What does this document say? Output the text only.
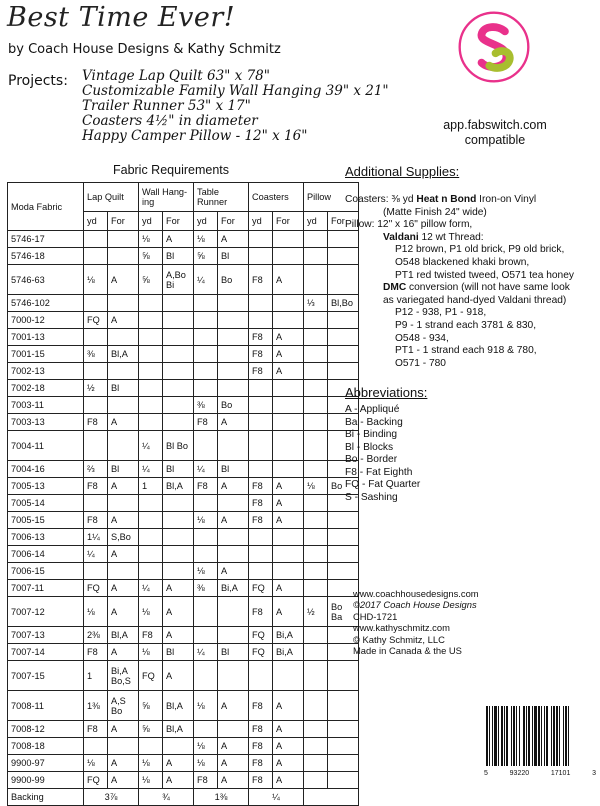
Best Time Ever!
by Coach House Designs & Kathy Schmitz
Projects: Vintage Lap Quilt 63" x 78"
Customizable Family Wall Hanging 39" x 21"
Trailer Runner 53" x 17"
Coasters 4½" in diameter
Happy Camper Pillow - 12" x 16"
app.fabswitch.com
compatible
Fabric Requirements
Moda Fabric	Lap Quilt		Wall Hang- ing		Table Runner		Coasters		Pillow	
	yd	For	yd	For	yd	For	yd	For	yd	For
5746-17			⅛	A	⅛	A				
5746-18			⅝	Bl	⅝	Bl				
5746-63	⅛	A	⅝	A,Bo Bi	¼	Bo	F8	A		
5746-102									⅓	Bl,Bo
7000-12	FQ	A								
7001-13							F8	A		
7001-15	⅜	Bl,A					F8	A		
7002-13							F8	A		
7002-18	½	Bl								
7003-11					⅜	Bo				
7003-13	F8	A			F8	A				
7004-11			¼	Bl Bo						
7004-16	⅔	Bl	¼	Bl	¼	Bl				
7005-13	F8	A	1	Bl,A	F8	A	F8	A	⅛	Bo
7005-14							F8	A		
7005-15	F8	A			⅛	A	F8	A		
7006-13	1¼	S,Bo								
7006-14	¼	A								
7006-15					⅛	A				
7007-11	FQ	A	¼	A	⅜	Bi,A	FQ	A		
7007-12	⅛	A	⅛	A			F8	A	½	Bo Ba
7007-13	2⅜	Bl,A	F8	A			FQ	Bi,A		
7007-14	F8	A	⅛	Bl	¼	Bl	FQ	Bi,A		
7007-15	1	Bi,A Bo,S	FQ	A						
7008-11	1⅜	A,S Bo	⅝	Bl,A	⅛	A	F8	A		
7008-12	F8	A	⅝	Bl,A			F8	A		
7008-18					⅛	A	F8	A		
9900-97	⅛	A	⅛	A	⅛	A	F8	A		
9900-99	FQ	A	⅛	A	F8	A	F8	A		
Backing	3⅞		¾		1⅜		¼			
Additional Supplies:
Coasters: ⅜ yd Heat n Bond Iron-on Vinyl
(Matte Finish 24" wide)
Pillow: 12" x 16" pillow form,
Valdani 12 wt Thread:
P12 brown, P1 old brick, P9 old brick,
O548 blackened khaki brown,
PT1 red twisted tweed, O571 tea honey
DMC conversion (will not have same look
as variegated hand-dyed Valdani thread)
P12 - 938, P1 - 918,
P9 - 1 strand each 3781 & 830,
O548 - 934,
PT1 - 1 strand each 918 & 780,
O571 - 780
Abbreviations:
A - Appliqué
Ba - Backing
Bi - Binding
Bl - Blocks
Bo - Border
F8 - Fat Eighth
FQ - Fat Quarter
S - Sashing
www.coachhousedesigns.com
©2017 Coach House Designs
CHD-1721
www.kathyschmitz.com
© Kathy Schmitz, LLC
Made in Canada & the US
5	93220	17101	3
